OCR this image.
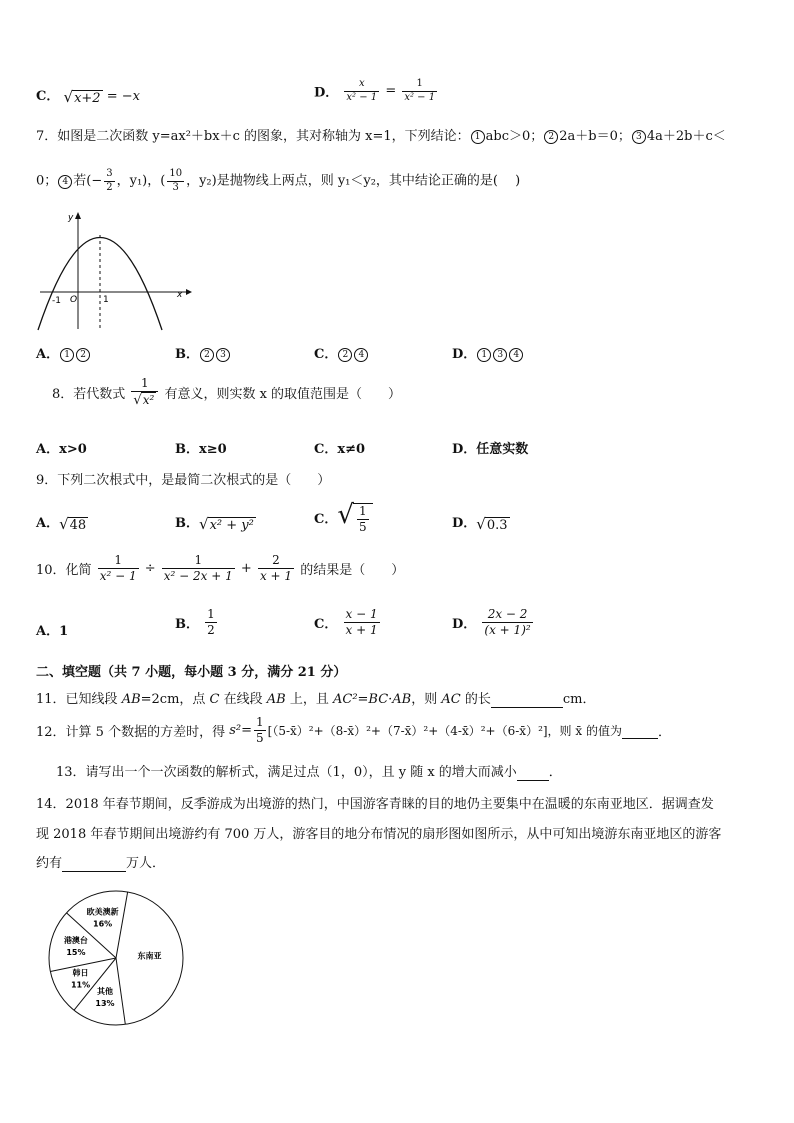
C． √x+2 = −x	D． $\frac{x}{\text{x² − 1}} = \frac{1}{\text{x² − 1}}$
7．如图是二次函数 y=ax²＋bx＋c 的图象，其对称轴为 x=1，下列结论： 1 abc＞0； 2 2a＋b＝0； 3 4a＋2b＋c＜
0； 4 若(− $\frac{3}{2}$ ，y₁)，( $\frac{10}{3}$ ，y₂)是抛物线上两点，则 y₁＜y₂，其中结论正确的是(　 )
y
x
O
-1	1
A． 1 2	B． 2 3	C． 2 4	D． 1 3 4
8．若代数式 $\frac{1}{\text{√x²}}$ 有意义，则实数 x 的取值范围是（　　）
A．x>0	B．x≥0	C．x≠0	D．任意实数
9．下列二次根式中，是最简二次根式的是（　　）
A．√48	B．√x² + y²	C．√ $\frac{1}{5}$	D．√0.3
10．化简 $\frac{1}{\text{x² − 1}} \div \frac{1}{\text{x² − 2x + 1}} + \frac{2}{x + 1}$ 的结果是（　　）
A．1	B． $\frac{1}{2}$	C． $\frac{x - 1}{x + 1}$	D． $\frac{2x - 2}{\text{(x + 1)²}}$
二、填空题（共 7 小题，每小题 3 分，满分 21 分）
11．已知线段 AB=2cm，点 C 在线段 AB 上，且 AC²=BC·AB，则 AC 的长	cm．
12．计算 5 个数据的方差时，得 $s^2= \frac{1}{5}$ [（5-x̄）²+（8-x̄）²+（7-x̄）²+（4-x̄）²+（6-x̄）²]，则 x̄ 的值为	．
13．请写出一个一次函数的解析式，满足过点（1，0），且 y 随 x 的增大而减小 ．
14．2018 年春节期间，反季游成为出境游的热门，中国游客青睐的目的地仍主要集中在温暖的东南亚地区．据调查发
现 2018 年春节期间出境游约有 700 万人，游客目的地分布情况的扇形图如图所示，从中可知出境游东南亚地区的游客
约有	万人．
东南亚
其他
13%
韩日
11%
港澳台
15%
欧美澳新
16%
